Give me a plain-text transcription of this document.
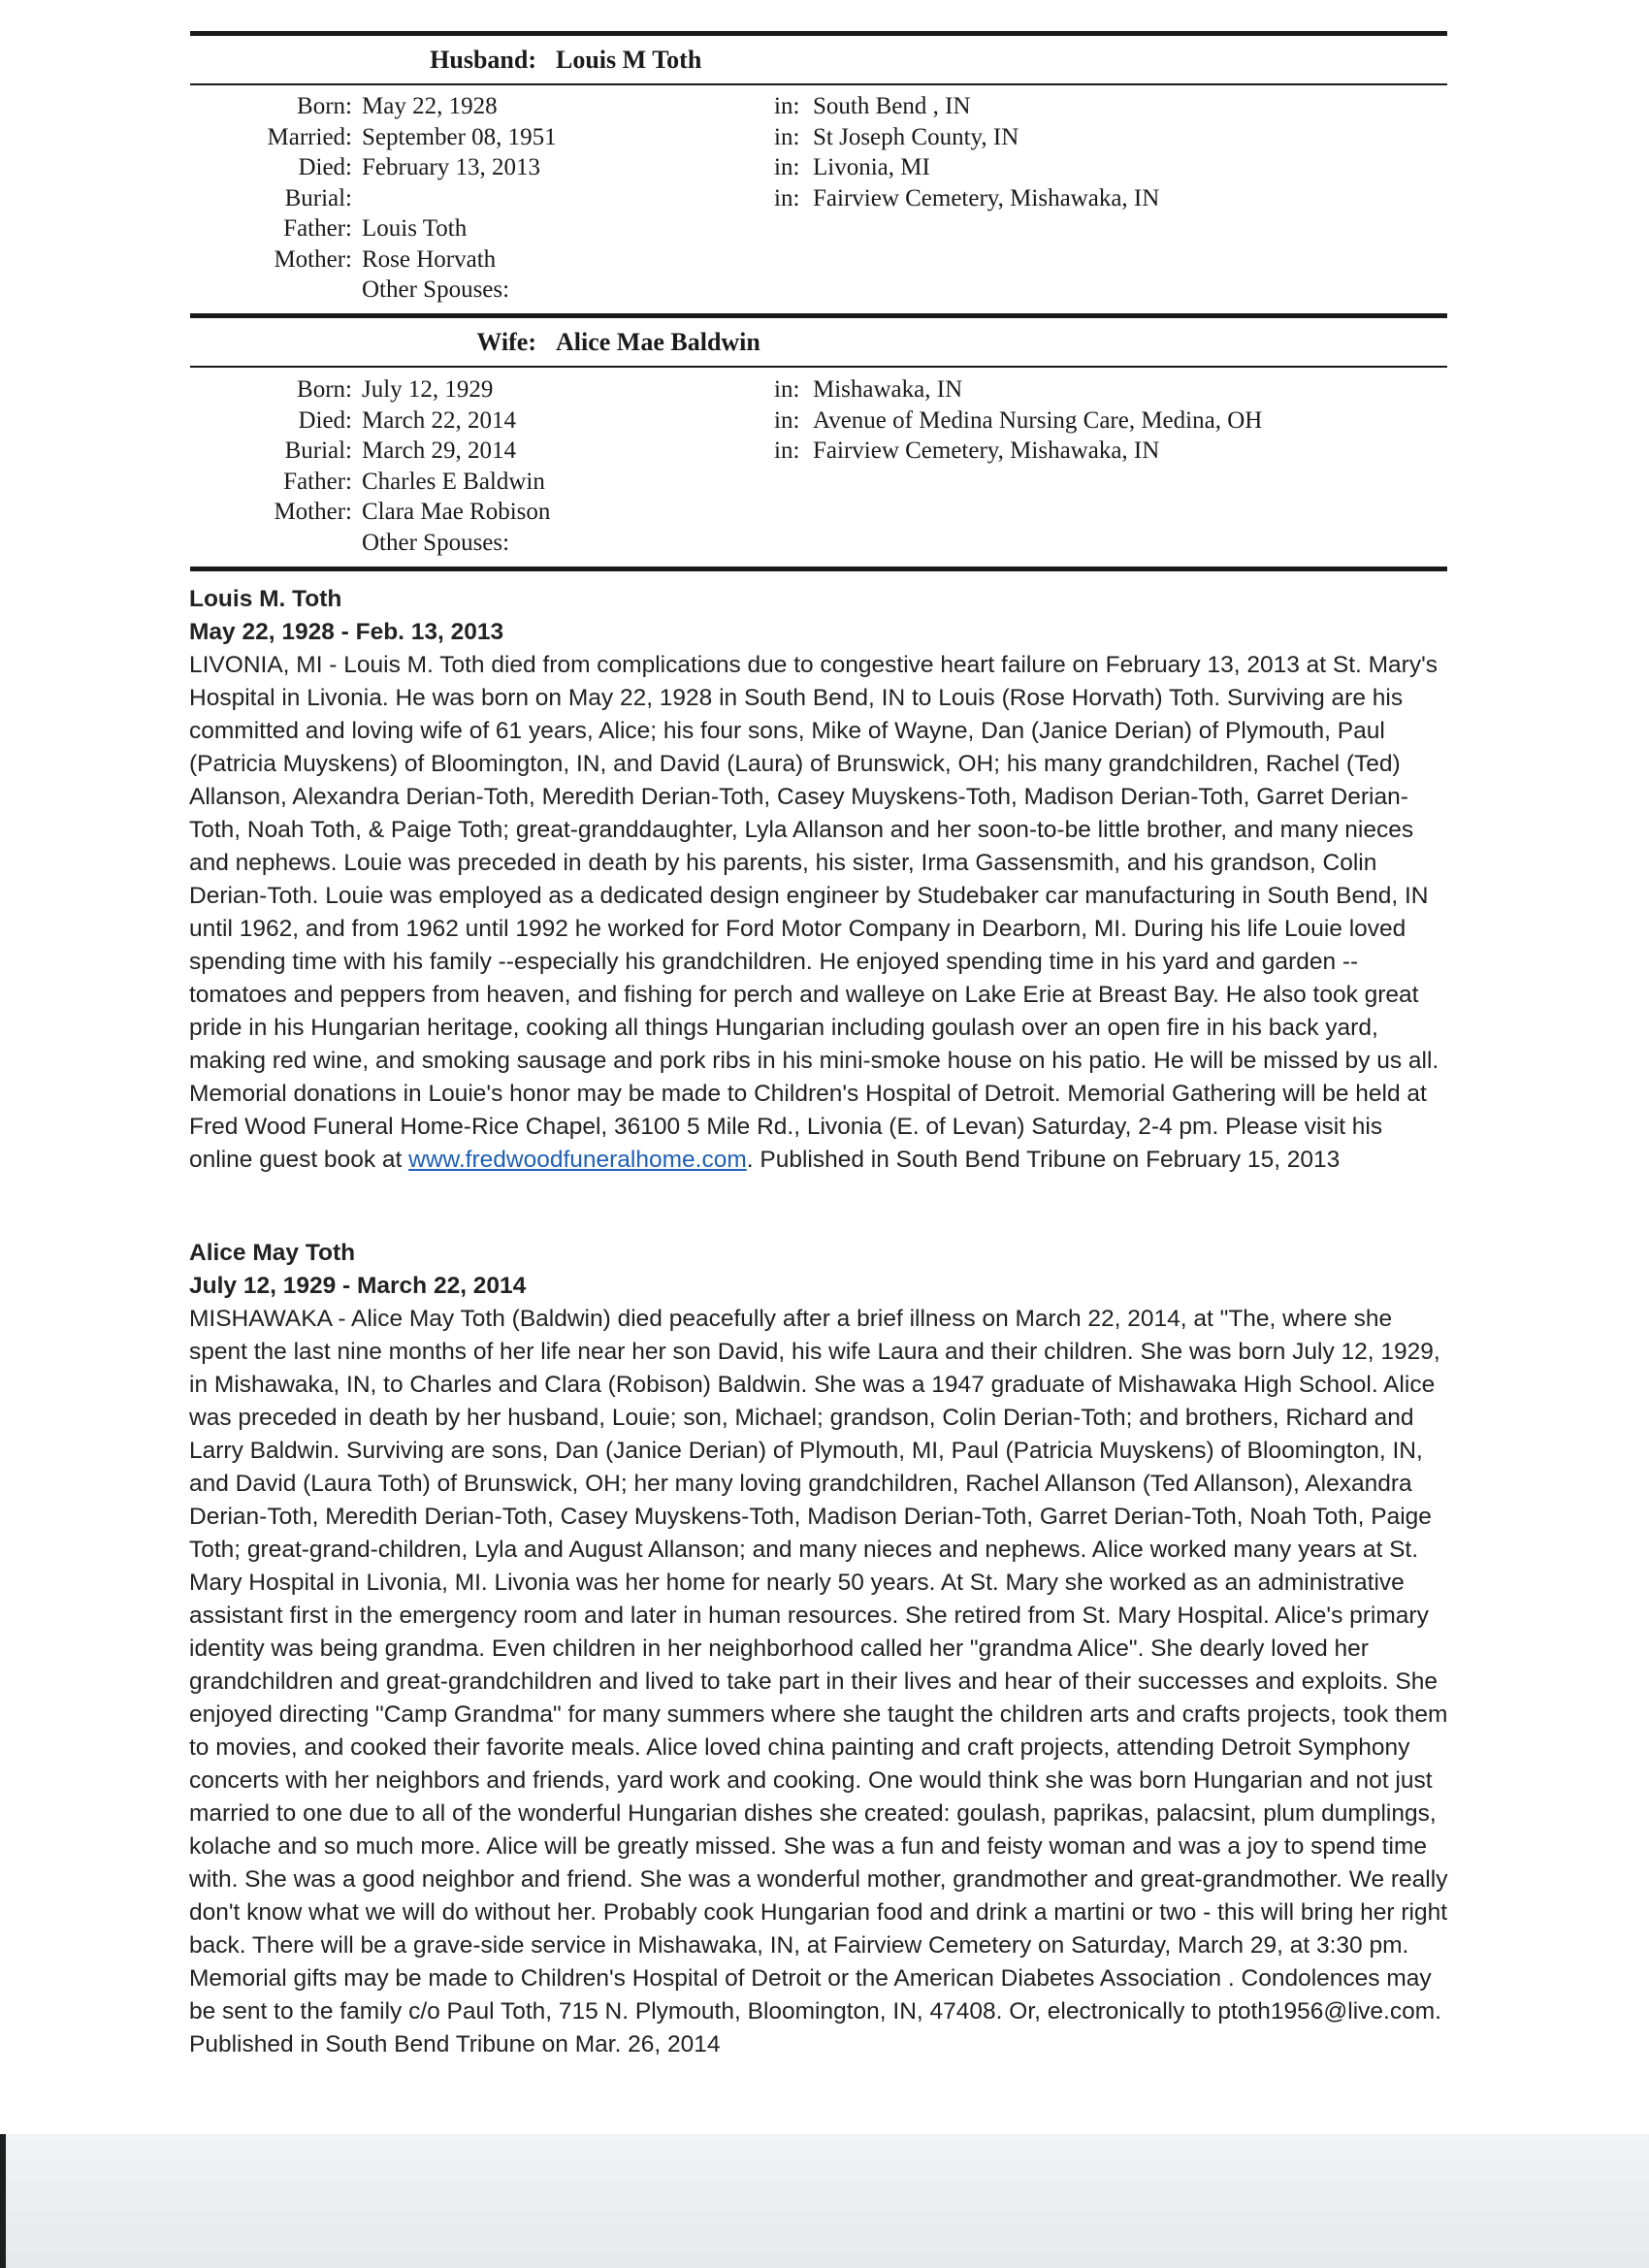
Husband: Louis M Toth
Born: May 22, 1928	in: South Bend , IN
Married: September 08, 1951	in: St Joseph County, IN
Died: February 13, 2013	in: Livonia, MI
Burial:	in: Fairview Cemetery, Mishawaka, IN
Father: Louis Toth
Mother: Rose Horvath
Other Spouses:
Wife: Alice Mae Baldwin
Born: July 12, 1929	in: Mishawaka, IN
Died: March 22, 2014	in: Avenue of Medina Nursing Care, Medina, OH
Burial: March 29, 2014	in: Fairview Cemetery, Mishawaka, IN
Father: Charles E Baldwin
Mother: Clara Mae Robison
Other Spouses:
Louis M. Toth
May 22, 1928 - Feb. 13, 2013

LIVONIA, MI - Louis M. Toth died from complications due to congestive heart failure on February 13, 2013 at St. Mary's Hospital in Livonia. He was born on May 22, 1928 in South Bend, IN to Louis (Rose Horvath) Toth. Surviving are his committed and loving wife of 61 years, Alice; his four sons, Mike of Wayne, Dan (Janice Derian) of Plymouth, Paul (Patricia Muyskens) of Bloomington, IN, and David (Laura) of Brunswick, OH; his many grandchildren, Rachel (Ted) Allanson, Alexandra Derian-Toth, Meredith Derian-Toth, Casey Muyskens-Toth, Madison Derian-Toth, Garret Derian-Toth, Noah Toth, & Paige Toth; great-granddaughter, Lyla Allanson and her soon-to-be little brother, and many nieces and nephews. Louie was preceded in death by his parents, his sister, Irma Gassensmith, and his grandson, Colin Derian-Toth. Louie was employed as a dedicated design engineer by Studebaker car manufacturing in South Bend, IN until 1962, and from 1962 until 1992 he worked for Ford Motor Company in Dearborn, MI. During his life Louie loved spending time with his family --especially his grandchildren. He enjoyed spending time in his yard and garden -- tomatoes and peppers from heaven, and fishing for perch and walleye on Lake Erie at Breast Bay. He also took great pride in his Hungarian heritage, cooking all things Hungarian including goulash over an open fire in his back yard, making red wine, and smoking sausage and pork ribs in his mini-smoke house on his patio. He will be missed by us all. Memorial donations in Louie's honor may be made to Children's Hospital of Detroit. Memorial Gathering will be held at Fred Wood Funeral Home-Rice Chapel, 36100 5 Mile Rd., Livonia (E. of Levan) Saturday, 2-4 pm. Please visit his online guest book at www.fredwoodfuneralhome.com. Published in South Bend Tribune on February 15, 2013

Alice May Toth
July 12, 1929 - March 22, 2014

MISHAWAKA - Alice May Toth (Baldwin) died peacefully after a brief illness on March 22, 2014, at "The, where she spent the last nine months of her life near her son David, his wife Laura and their children. She was born July 12, 1929, in Mishawaka, IN, to Charles and Clara (Robison) Baldwin. She was a 1947 graduate of Mishawaka High School. Alice was preceded in death by her husband, Louie; son, Michael; grandson, Colin Derian-Toth; and brothers, Richard and Larry Baldwin. Surviving are sons, Dan (Janice Derian) of Plymouth, MI, Paul (Patricia Muyskens) of Bloomington, IN, and David (Laura Toth) of Brunswick, OH; her many loving grandchildren, Rachel Allanson (Ted Allanson), Alexandra Derian-Toth, Meredith Derian-Toth, Casey Muyskens-Toth, Madison Derian-Toth, Garret Derian-Toth, Noah Toth, Paige Toth; great-grand-children, Lyla and August Allanson; and many nieces and nephews. Alice worked many years at St. Mary Hospital in Livonia, MI. Livonia was her home for nearly 50 years. At St. Mary she worked as an administrative assistant first in the emergency room and later in human resources. She retired from St. Mary Hospital. Alice's primary identity was being grandma. Even children in her neighborhood called her "grandma Alice". She dearly loved her grandchildren and great-grandchildren and lived to take part in their lives and hear of their successes and exploits. She enjoyed directing "Camp Grandma" for many summers where she taught the children arts and crafts projects, took them to movies, and cooked their favorite meals. Alice loved china painting and craft projects, attending Detroit Symphony concerts with her neighbors and friends, yard work and cooking. One would think she was born Hungarian and not just married to one due to all of the wonderful Hungarian dishes she created: goulash, paprikas, palacsint, plum dumplings, kolache and so much more. Alice will be greatly missed. She was a fun and feisty woman and was a joy to spend time with. She was a good neighbor and friend. She was a wonderful mother, grandmother and great-grandmother. We really don't know what we will do without her. Probably cook Hungarian food and drink a martini or two - this will bring her right back. There will be a grave-side service in Mishawaka, IN, at Fairview Cemetery on Saturday, March 29, at 3:30 pm. Memorial gifts may be made to Children's Hospital of Detroit or the American Diabetes Association . Condolences may be sent to the family c/o Paul Toth, 715 N. Plymouth, Bloomington, IN, 47408. Or, electronically to ptoth1956@live.com. Published in South Bend Tribune on Mar. 26, 2014
